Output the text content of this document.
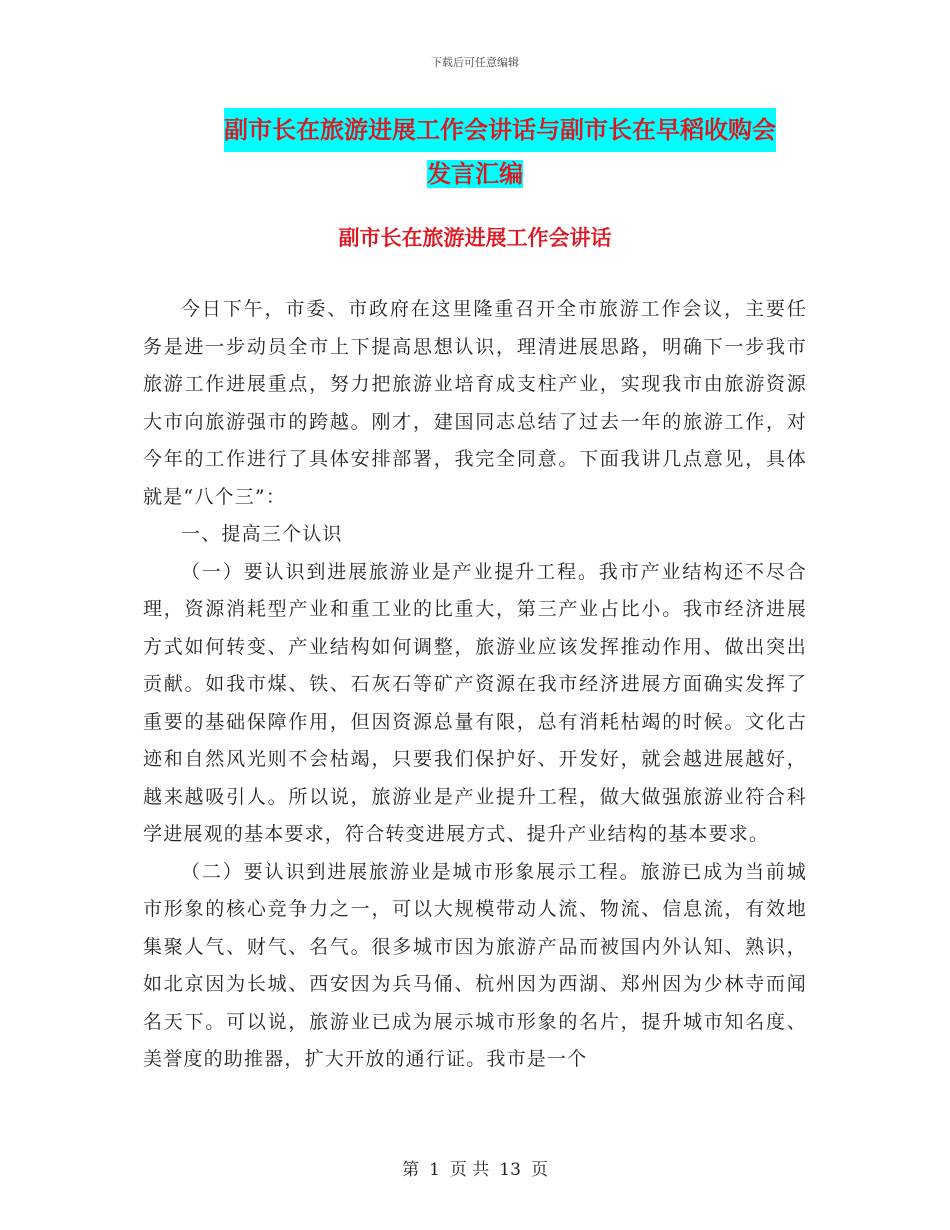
下载后可任意编辑
副市长在旅游进展工作会讲话与副市长在早稻收购会
发言汇编
副市长在旅游进展工作会讲话

今日下午，市委、市政府在这里隆重召开全市旅游工作会议，主要任务是进一步动员全市上下提高思想认识，理清进展思路，明确下一步我市旅游工作进展重点，努力把旅游业培育成支柱产业，实现我市由旅游资源大市向旅游强市的跨越。刚才，建国同志总结了过去一年的旅游工作，对今年的工作进行了具体安排部署，我完全同意。下面我讲几点意见，具体就是“八个三”：

一、提高三个认识

（一）要认识到进展旅游业是产业提升工程。我市产业结构还不尽合理，资源消耗型产业和重工业的比重大，第三产业占比小。我市经济进展方式如何转变、产业结构如何调整，旅游业应该发挥推动作用、做出突出贡献。如我市煤、铁、石灰石等矿产资源在我市经济进展方面确实发挥了重要的基础保障作用，但因资源总量有限，总有消耗枯竭的时候。文化古迹和自然风光则不会枯竭，只要我们保护好、开发好，就会越进展越好，越来越吸引人。所以说，旅游业是产业提升工程，做大做强旅游业符合科学进展观的基本要求，符合转变进展方式、提升产业结构的基本要求。

（二）要认识到进展旅游业是城市形象展示工程。旅游已成为当前城市形象的核心竞争力之一，可以大规模带动人流、物流、信息流，有效地集聚人气、财气、名气。很多城市因为旅游产品而被国内外认知、熟识，如北京因为长城、西安因为兵马俑、杭州因为西湖、郑州因为少林寺而闻名天下。可以说，旅游业已成为展示城市形象的名片，提升城市知名度、美誉度的助推器，扩大开放的通行证。我市是一个

第 1 页 共 13 页
